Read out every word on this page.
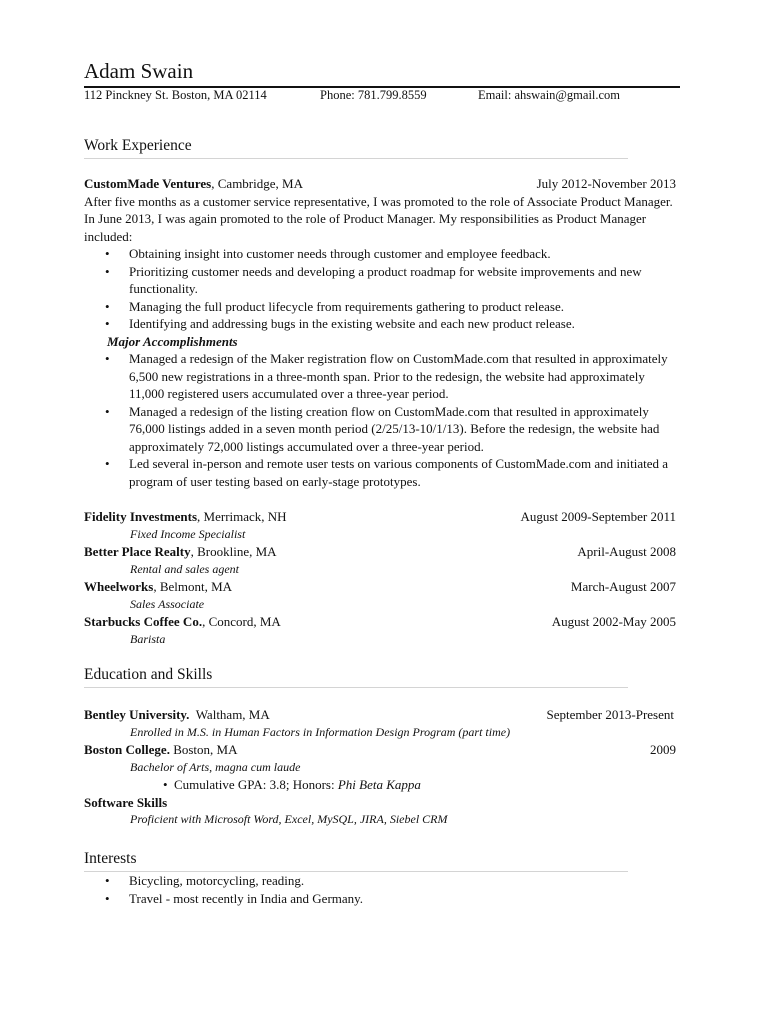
Adam Swain
112 Pinckney St. Boston, MA 02114	Phone: 781.799.8559	Email: ahswain@gmail.com
Work Experience
CustomMade Ventures, Cambridge, MA	July 2012-November 2013

After five months as a customer service representative, I was promoted to the role of Associate Product Manager. In June 2013, I was again promoted to the role of Product Manager. My responsibilities as Product Manager included:

• Obtaining insight into customer needs through customer and employee feedback.
• Prioritizing customer needs and developing a product roadmap for website improvements and new functionality.
• Managing the full product lifecycle from requirements gathering to product release.
• Identifying and addressing bugs in the existing website and each new product release.
Major Accomplishments
• Managed a redesign of the Maker registration flow on CustomMade.com that resulted in approximately 6,500 new registrations in a three-month span. Prior to the redesign, the website had approximately 11,000 registered users accumulated over a three-year period.
• Managed a redesign of the listing creation flow on CustomMade.com that resulted in approximately 76,000 listings added in a seven month period (2/25/13-10/1/13). Before the redesign, the website had approximately 72,000 listings accumulated over a three-year period.
• Led several in-person and remote user tests on various components of CustomMade.com and initiated a program of user testing based on early-stage prototypes.
Fidelity Investments, Merrimack, NH	August 2009-September 2011
Fixed Income Specialist
Better Place Realty, Brookline, MA	April-August 2008
Rental and sales agent
Wheelworks, Belmont, MA	March-August 2007
Sales Associate
Starbucks Coffee Co., Concord, MA	August 2002-May 2005
Barista
Education and Skills
Bentley University.  Waltham, MA	September 2013-Present
Enrolled in M.S. in Human Factors in Information Design Program (part time)
Boston College. Boston, MA	2009
Bachelor of Arts, magna cum laude
• Cumulative GPA: 3.8; Honors: Phi Beta Kappa
Software Skills
Proficient with Microsoft Word, Excel, MySQL, JIRA, Siebel CRM
Interests
• Bicycling, motorcycling, reading.
• Travel - most recently in India and Germany.
